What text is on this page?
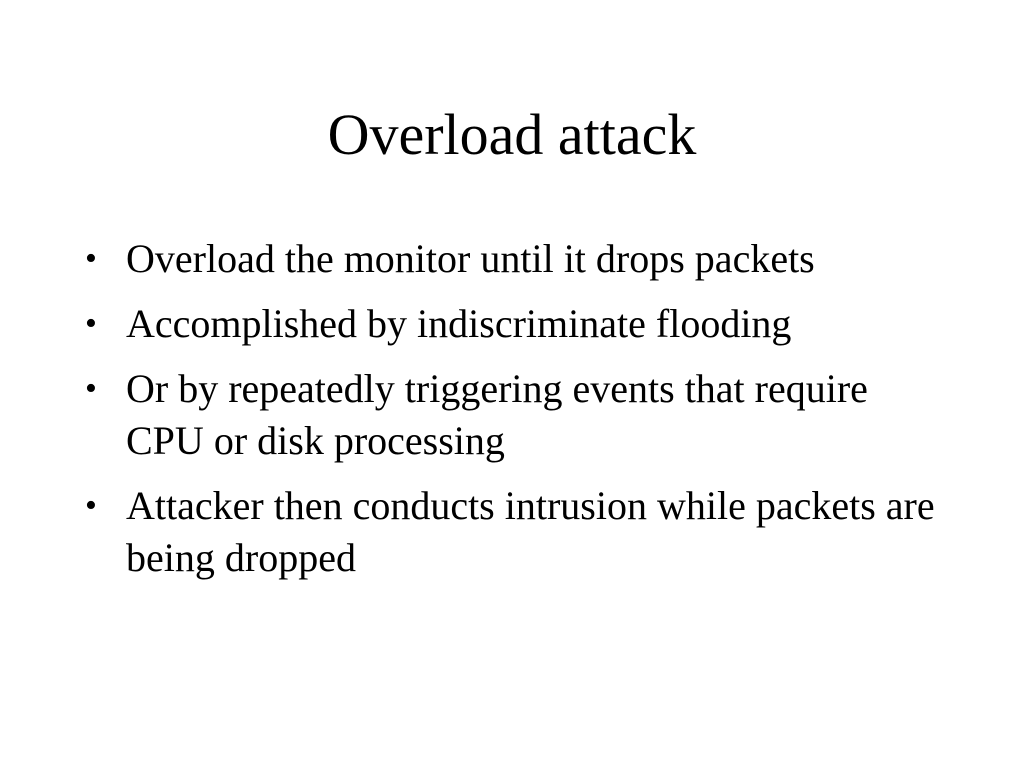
Overload attack
• Overload the monitor until it drops packets
• Accomplished by indiscriminate flooding
• Or by repeatedly triggering events that require CPU or disk processing
• Attacker then conducts intrusion while packets are being dropped
